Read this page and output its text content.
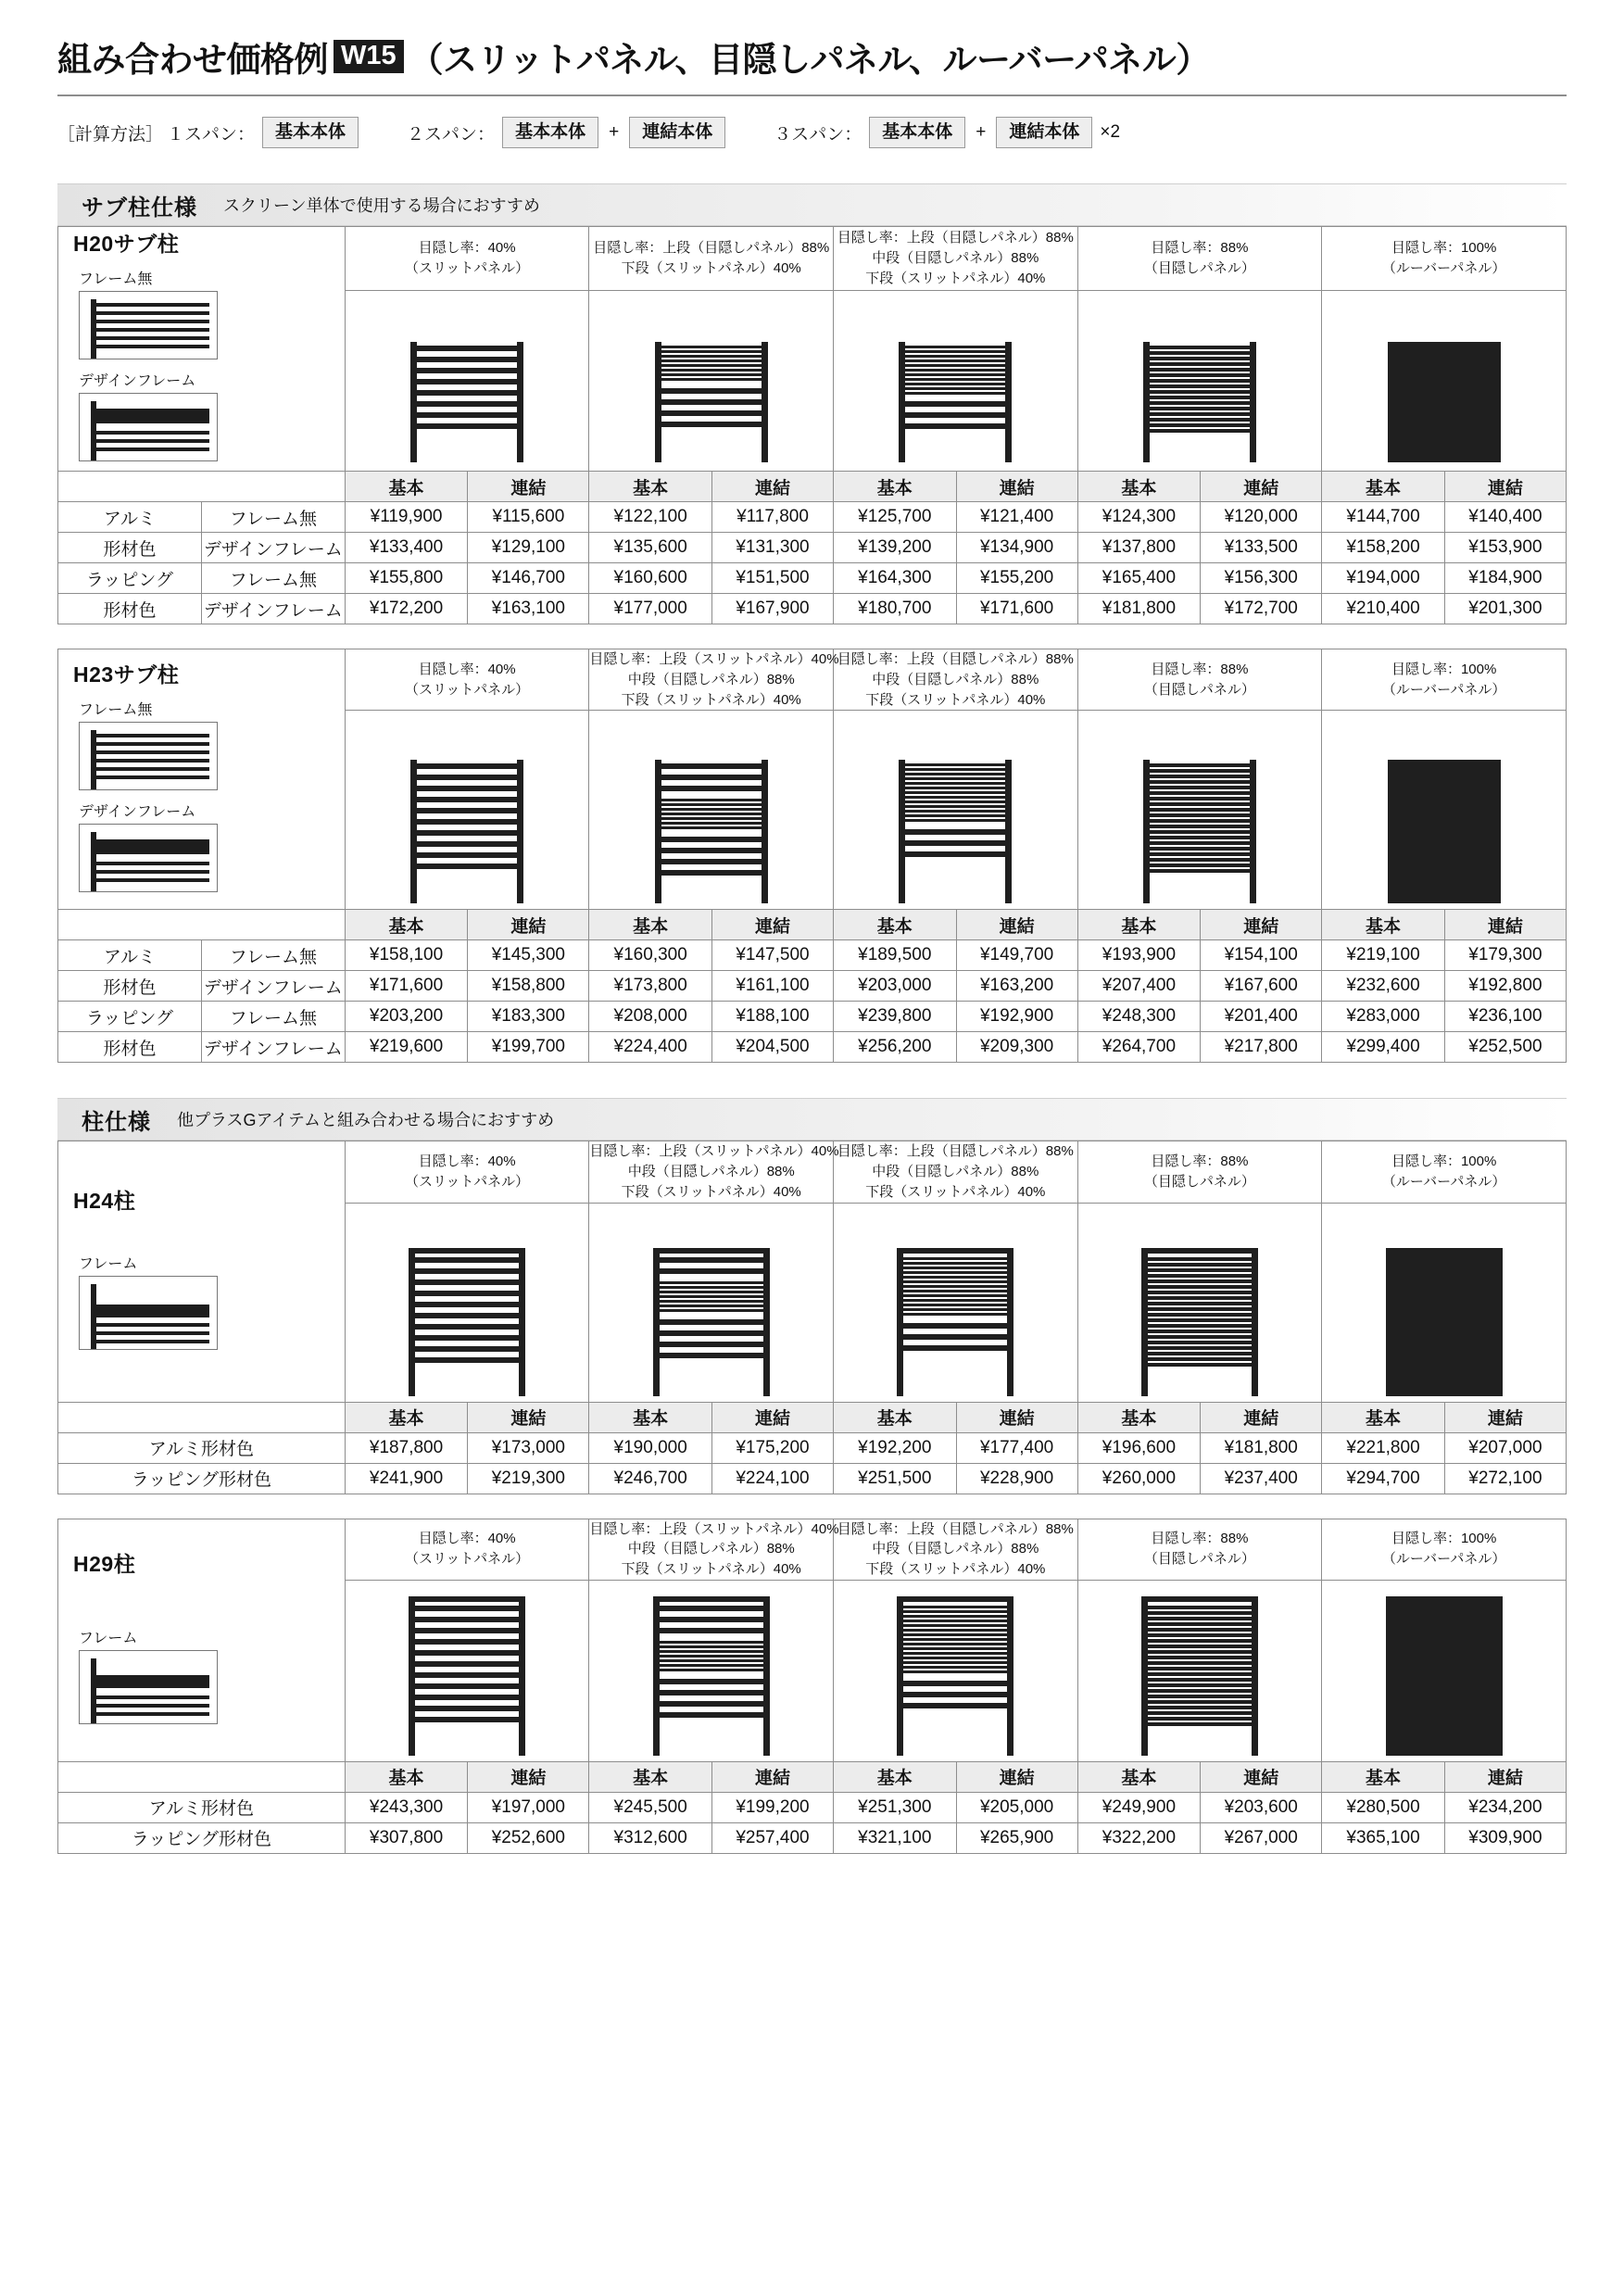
組み合わせ価格例 W15 （スリットパネル、目隠しパネル、ルーバーパネル）
［計算方法］ １スパン：	基本本体	２スパン：	基本本体	+	連結本体	３スパン：	基本本体	+	連結本体	×2
サブ柱仕様 スクリーン単体で使用する場合におすすめ
H20サブ柱
フレーム無
デザインフレーム

目隠し率：40%
（スリットパネル）

目隠し率：上段（目隠しパネル）88%
下段（スリットパネル）40%

目隠し率：上段（目隠しパネル）88%
中段（目隠しパネル）88%
下段（スリットパネル）40%

目隠し率：88%
（目隠しパネル）

目隠し率：100%
（ルーバーパネル）

		基本	連結	基本	連結	基本	連結	基本	連結	基本	連結
アルミ	フレーム無	¥119,900	¥115,600	¥122,100	¥117,800	¥125,700	¥121,400	¥124,300	¥120,000	¥144,700	¥140,400
形材色	デザインフレーム	¥133,400	¥129,100	¥135,600	¥131,300	¥139,200	¥134,900	¥137,800	¥133,500	¥158,200	¥153,900
ラッピング	フレーム無	¥155,800	¥146,700	¥160,600	¥151,500	¥164,300	¥155,200	¥165,400	¥156,300	¥194,000	¥184,900
形材色	デザインフレーム	¥172,200	¥163,100	¥177,000	¥167,900	¥180,700	¥171,600	¥181,800	¥172,700	¥210,400	¥201,300
H23サブ柱
フレーム無
デザインフレーム

目隠し率：40%
（スリットパネル）

目隠し率：上段（スリットパネル）40%
中段（目隠しパネル）88%
下段（スリットパネル）40%

目隠し率：上段（目隠しパネル）88%
中段（目隠しパネル）88%
下段（スリットパネル）40%

目隠し率：88%
（目隠しパネル）

目隠し率：100%
（ルーバーパネル）

		基本	連結	基本	連結	基本	連結	基本	連結	基本	連結
アルミ	フレーム無	¥158,100	¥145,300	¥160,300	¥147,500	¥189,500	¥149,700	¥193,900	¥154,100	¥219,100	¥179,300
形材色	デザインフレーム	¥171,600	¥158,800	¥173,800	¥161,100	¥203,000	¥163,200	¥207,400	¥167,600	¥232,600	¥192,800
ラッピング	フレーム無	¥203,200	¥183,300	¥208,000	¥188,100	¥239,800	¥192,900	¥248,300	¥201,400	¥283,000	¥236,100
形材色	デザインフレーム	¥219,600	¥199,700	¥224,400	¥204,500	¥256,200	¥209,300	¥264,700	¥217,800	¥299,400	¥252,500
柱仕様 他プラスGアイテムと組み合わせる場合におすすめ
H24柱
フレーム

目隠し率：40%
（スリットパネル）

目隠し率：上段（スリットパネル）40%
中段（目隠しパネル）88%
下段（スリットパネル）40%

目隠し率：上段（目隠しパネル）88%
中段（目隠しパネル）88%
下段（スリットパネル）40%

目隠し率：88%
（目隠しパネル）

目隠し率：100%
（ルーバーパネル）

	基本	連結	基本	連結	基本	連結	基本	連結	基本	連結
アルミ形材色	¥187,800	¥173,000	¥190,000	¥175,200	¥192,200	¥177,400	¥196,600	¥181,800	¥221,800	¥207,000
ラッピング形材色	¥241,900	¥219,300	¥246,700	¥224,100	¥251,500	¥228,900	¥260,000	¥237,400	¥294,700	¥272,100
H29柱
フレーム

目隠し率：40%
（スリットパネル）

目隠し率：上段（スリットパネル）40%
中段（目隠しパネル）88%
下段（スリットパネル）40%

目隠し率：上段（目隠しパネル）88%
中段（目隠しパネル）88%
下段（スリットパネル）40%

目隠し率：88%
（目隠しパネル）

目隠し率：100%
（ルーバーパネル）

	基本	連結	基本	連結	基本	連結	基本	連結	基本	連結
アルミ形材色	¥243,300	¥197,000	¥245,500	¥199,200	¥251,300	¥205,000	¥249,900	¥203,600	¥280,500	¥234,200
ラッピング形材色	¥307,800	¥252,600	¥312,600	¥257,400	¥321,100	¥265,900	¥322,200	¥267,000	¥365,100	¥309,900
